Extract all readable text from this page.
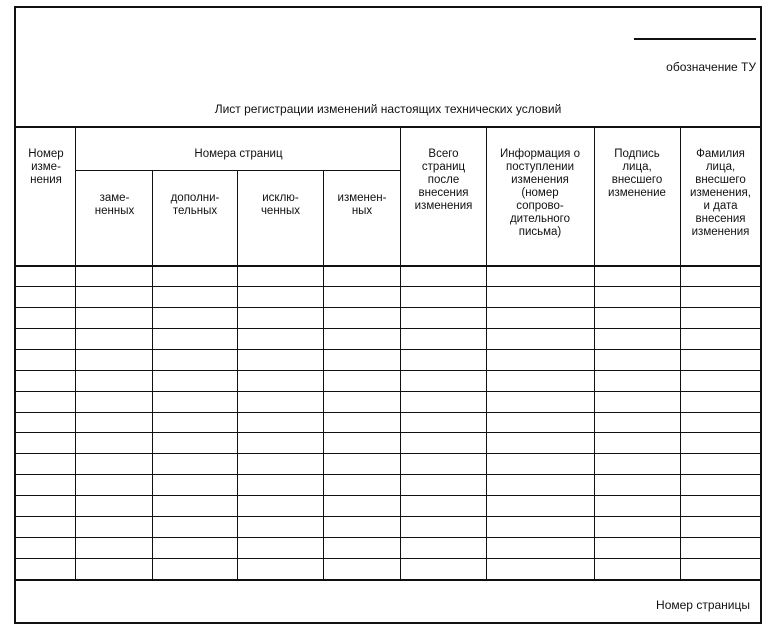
обозначение ТУ
Лист регистрации изменений настоящих технических условий
Номер
изме-
нения
Номера страниц
заме-
ненных
дополни-
тельных
исклю-
ченных
изменен-
ных
Всего
страниц
после
внесения
изменения
Информация о
поступлении
изменения
(номер
сопрово-
дительного
письма)
Подпись
лица,
внесшего
изменение
Фамилия
лица,
внесшего
изменения,
и дата
внесения
изменения
Номер страницы
